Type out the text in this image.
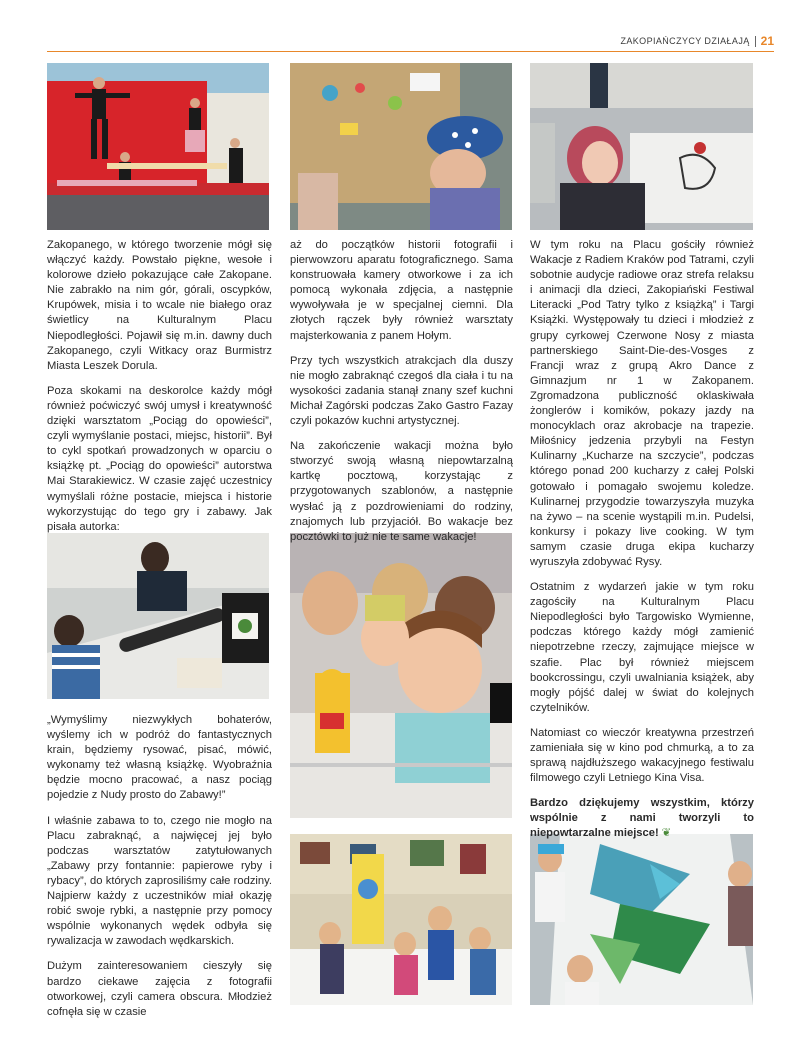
ZAKOPIAŃCZYCY DZIAŁAJĄ 21

Zakopanego, w którego tworzenie mógł się włączyć każdy. Powstało piękne, wesołe i kolorowe dzieło pokazujące całe Zakopane. Nie zabrakło na nim gór, górali, oscypków, Krupówek, misia i to wcale nie białego oraz świetlicy na Kulturalnym Placu Niepodległości. Pojawił się m.in. dawny duch Zakopanego, czyli Witkacy oraz Burmistrz Miasta Leszek Dorula.

Poza skokami na deskorolce każdy mógł również poćwiczyć swój umysł i kreatywność dzięki warsztatom „Pociąg do opowieści”, czyli wymyślanie postaci, miejsc, historii”. Był to cykl spotkań prowadzonych w oparciu o książkę pt. „Pociąg do opowieści” autorstwa Mai Starakiewicz. W czasie zajęć uczestnicy wymyślali różne postacie, miejsca i historie wykorzystując do tego gry i zabawy. Jak pisała autorka:

„Wymyślimy niezwykłych bohaterów, wyślemy ich w podróż do fantastycznych krain, będziemy rysować, pisać, mówić, wykonamy też własną książkę. Wyobraźnia będzie mocno pracować, a nasz pociąg pojedzie z Nudy prosto do Zabawy!”

I właśnie zabawa to to, czego nie mogło na Placu zabraknąć, a najwięcej jej było podczas warsztatów zatytułowanych „Zabawy przy fontannie: papierowe ryby i rybacy”, do których zaprosiliśmy całe rodziny. Najpierw każdy z uczestników miał okazję robić swoje rybki, a następnie przy pomocy wspólnie wykonanych wędek odbyła się rywalizacja w zawodach wędkarskich.

Dużym zainteresowaniem cieszyły się bardzo ciekawe zajęcia z fotografii otworkowej, czyli camera obscura. Młodzież cofnęła się w czasie

aż do początków historii fotografii i pierwowzoru aparatu fotograficznego. Sama konstruowała kamery otworkowe i za ich pomocą wykonała zdjęcia, a następnie wywoływała je w specjalnej ciemni. Dla złotych rączek były również warsztaty majsterkowania z panem Hołym.

Przy tych wszystkich atrakcjach dla duszy nie mogło zabraknąć czegoś dla ciała i tu na wysokości zadania stanął znany szef kuchni Michał Zagórski podczas Zako Gastro Fazay czyli pokazów kuchni artystycznej.

Na zakończenie wakacji można było stworzyć swoją własną niepowtarzalną kartkę pocztową, korzystając z przygotowanych szablonów, a następnie wysłać ją z pozdrowieniami do rodziny, znajomych lub przyjaciół. Bo wakacje bez pocztówki to już nie te same wakacje!

W tym roku na Placu gościły również Wakacje z Radiem Kraków pod Tatrami, czyli sobotnie audycje radiowe oraz strefa relaksu i animacji dla dzieci, Zakopiański Festiwal Literacki „Pod Tatry tylko z książką” i Targi Książki. Występowały tu dzieci i młodzież z grupy cyrkowej Czerwone Nosy z miasta partnerskiego Saint-Die-des-Vosges z Francji wraz z grupą Akro Dance z Gimnazjum nr 1 w Zakopanem. Zgromadzona publiczność oklaskiwała żonglerów i komików, pokazy jazdy na monocyklach oraz akrobacje na trapezie. Miłośnicy jedzenia przybyli na Festyn Kulinarny „Kucharze na szczycie”, podczas którego ponad 200 kucharzy z całej Polski gotowało i pomagało swojemu koledze. Kulinarnej przygodzie towarzyszyła muzyka na żywo – na scenie wystąpili m.in. Pudelsi, konkursy i pokazy live cooking. W tym samym czasie druga ekipa kucharzy wyruszyła zdobywać Rysy.

Ostatnim z wydarzeń jakie w tym roku zagościły na Kulturalnym Placu Niepodległości było Targowisko Wymienne, podczas którego każdy mógł zamienić niepotrzebne rzeczy, zajmujące miejsce w szafie. Plac był również miejscem bookcrossingu, czyli uwalniania książek, aby mogły pójść dalej w świat do kolejnych czytelników.

Natomiast co wieczór kreatywna przestrzeń zamieniała się w kino pod chmurką, a to za sprawą najdłuższego wakacyjnego festiwalu filmowego czyli Letniego Kina Visa.

Bardzo dziękujemy wszystkim, którzy wspólnie z nami tworzyli to niepowtarzalne miejsce! ❦
